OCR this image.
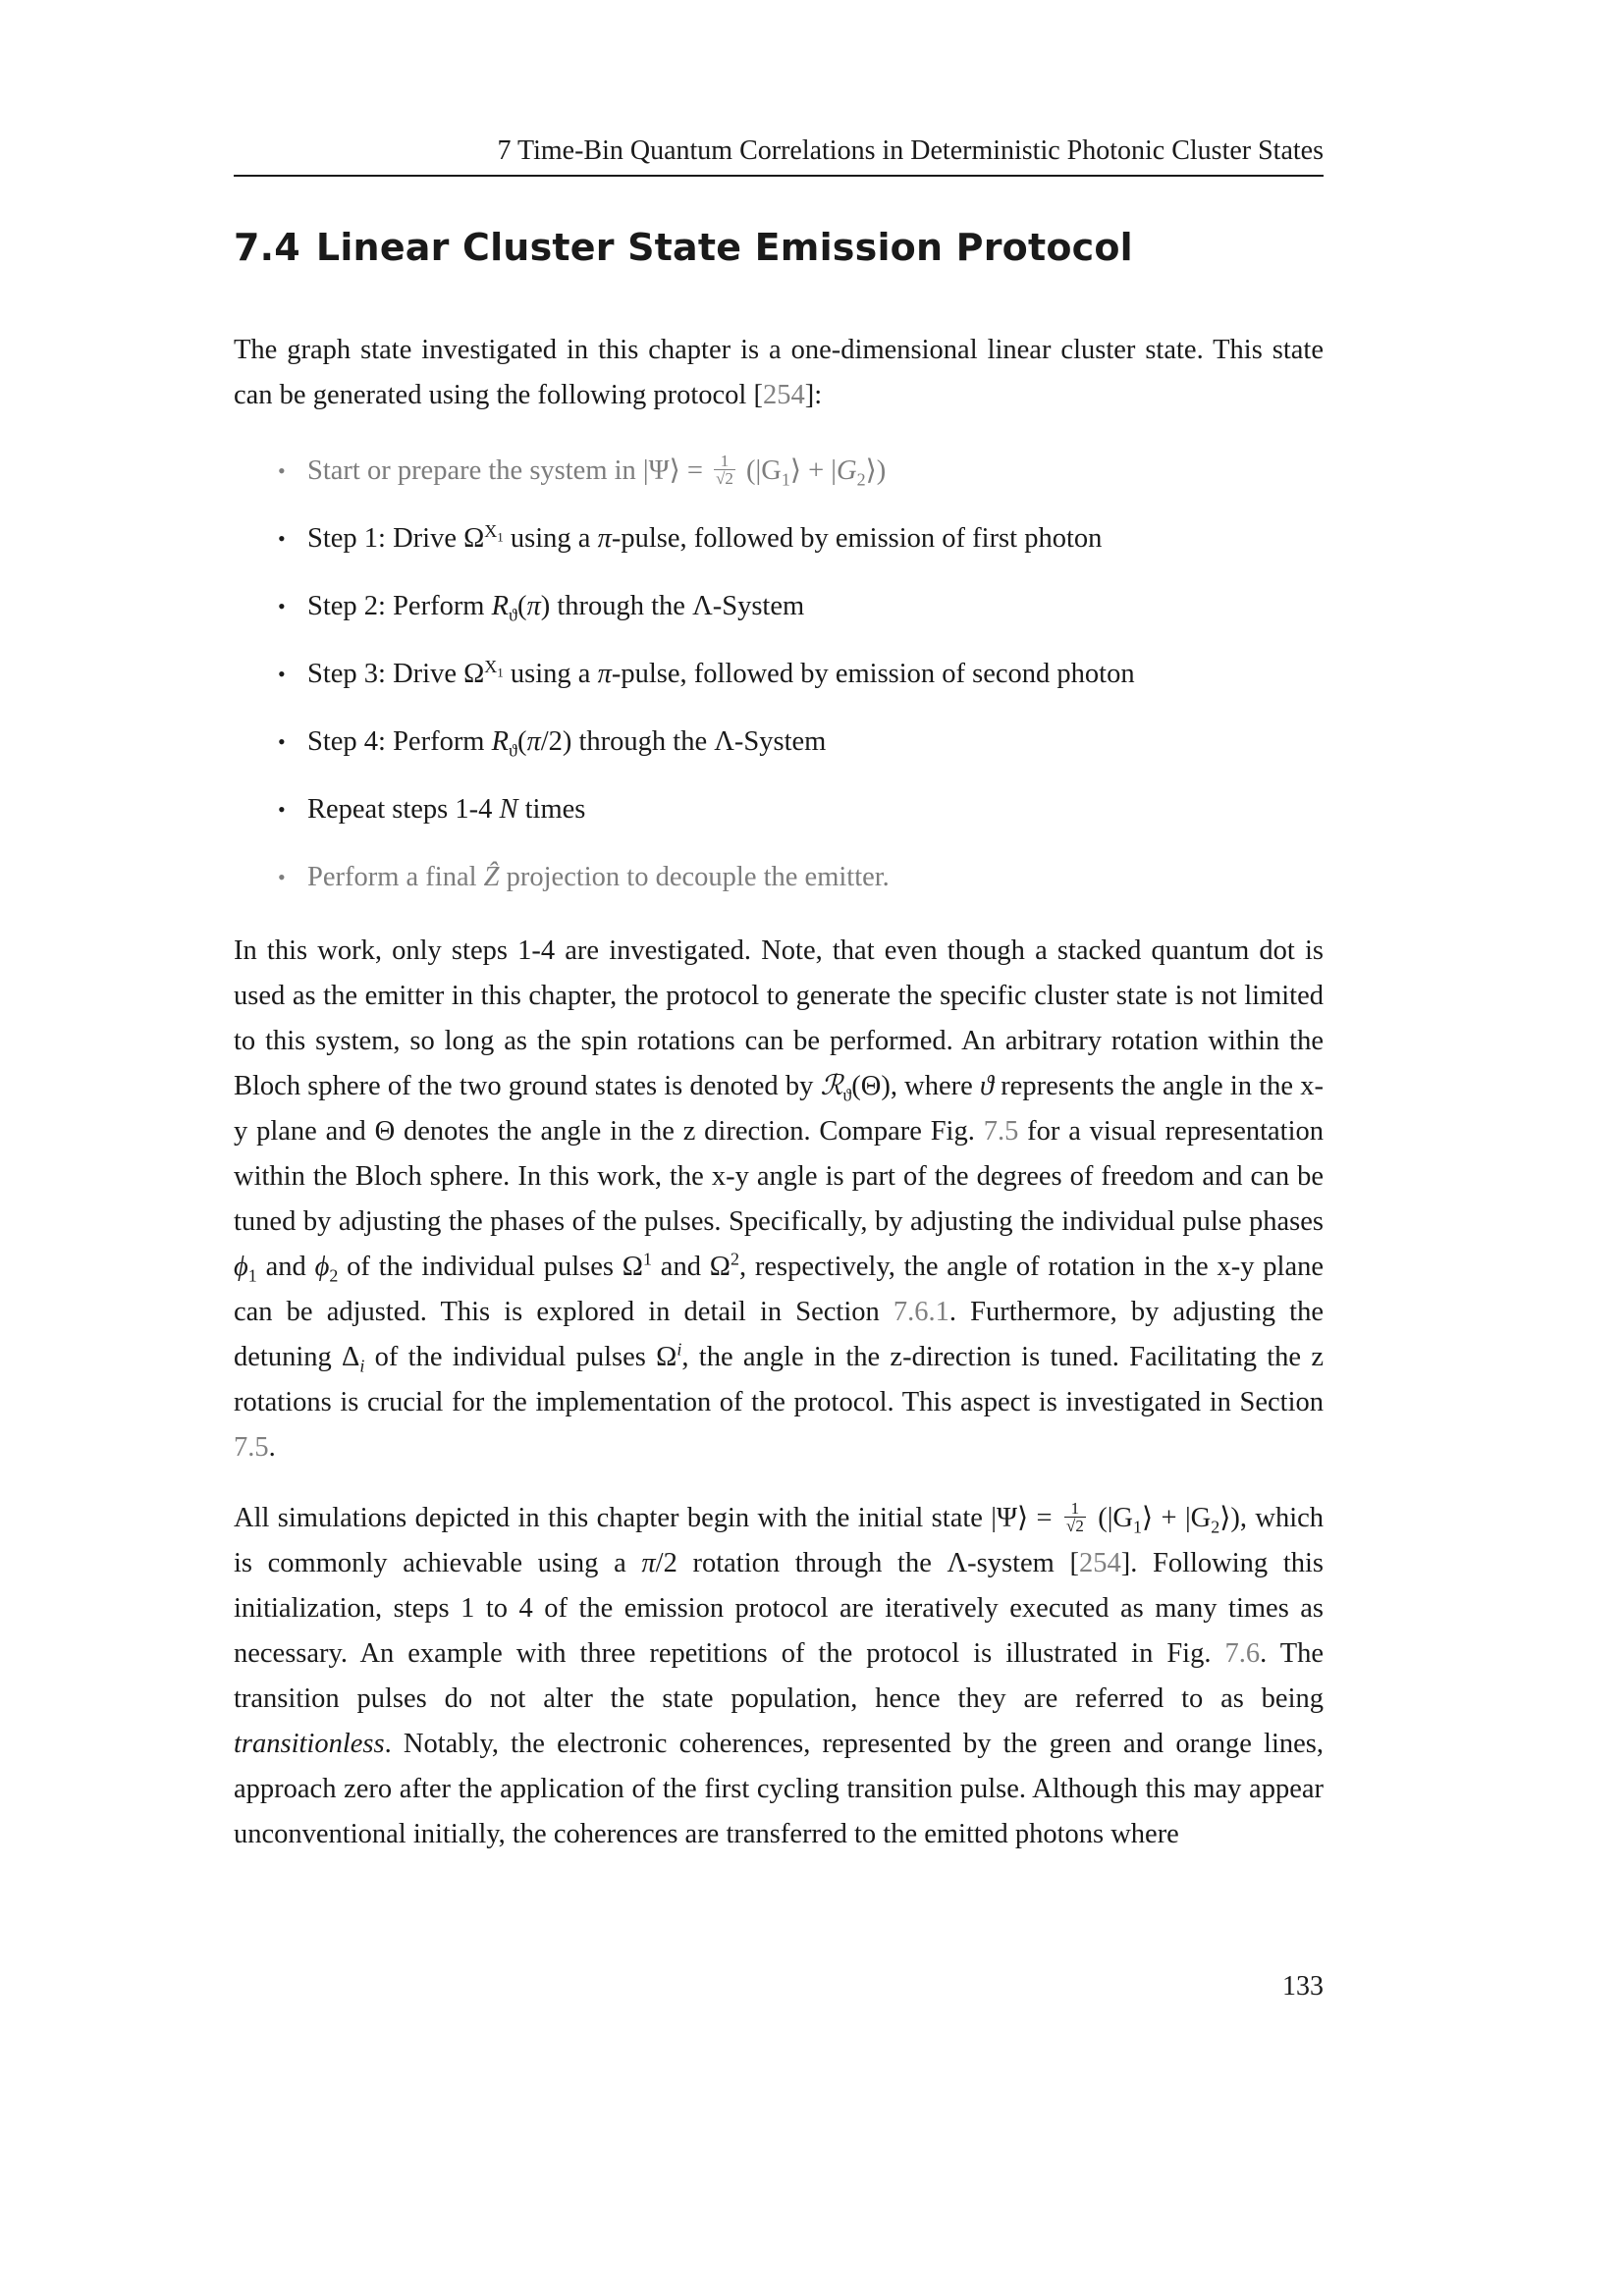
7 Time-Bin Quantum Correlations in Deterministic Photonic Cluster States
7.4 Linear Cluster State Emission Protocol

The graph state investigated in this chapter is a one-dimensional linear cluster state. This state can be generated using the following protocol [254]:

• Start or prepare the system in |Ψ⟩ = $\frac{1}{√2}$ ($|G_1⟩$ + $|G_2⟩$)
• Step 1: Drive $\Omega^{X_1}$ using a π-pulse, followed by emission of first photon
• Step 2: Perform $R_ϑ(\pi)$ through the Λ-System
• Step 3: Drive $\Omega^{X_1}$ using a π-pulse, followed by emission of second photon
• Step 4: Perform $R_ϑ(\pi/2)$ through the Λ-System
• Repeat steps 1-4 N times
• Perform a final Ẑ projection to decouple the emitter.

In this work, only steps 1-4 are investigated. Note, that even though a stacked quantum dot is used as the emitter in this chapter, the protocol to generate the specific cluster state is not limited to this system, so long as the spin rotations can be performed. An arbitrary rotation within the Bloch sphere of the two ground states is denoted by ℛ$_ϑ$(Θ), where ϑ represents the angle in the x-y plane and Θ denotes the angle in the z direction. Compare Fig. 7.5 for a visual representation within the Bloch sphere. In this work, the x-y angle is part of the degrees of freedom and can be tuned by adjusting the phases of the pulses. Specifically, by adjusting the individual pulse phases $\phi_1$ and $\phi_2$ of the individual pulses $\Omega^1$ and $\Omega^2$, respectively, the angle of rotation in the x-y plane can be adjusted. This is explored in detail in Section 7.6.1. Furthermore, by adjusting the detuning $\Delta_i$ of the individual pulses $\Omega^i$, the angle in the z-direction is tuned. Facilitating the z rotations is crucial for the implementation of the protocol. This aspect is investigated in Section 7.5.

All simulations depicted in this chapter begin with the initial state |Ψ⟩ = $\frac{1}{√2}$ ($|G_1⟩$ + $|G_2⟩$), which is commonly achievable using a π/2 rotation through the Λ-system [254]. Following this initialization, steps 1 to 4 of the emission protocol are iteratively executed as many times as necessary. An example with three repetitions of the protocol is illustrated in Fig. 7.6. The transition pulses do not alter the state population, hence they are referred to as being transitionless. Notably, the electronic coherences, represented by the green and orange lines, approach zero after the application of the first cycling transition pulse. Although this may appear unconventional initially, the coherences are transferred to the emitted photons where

133
